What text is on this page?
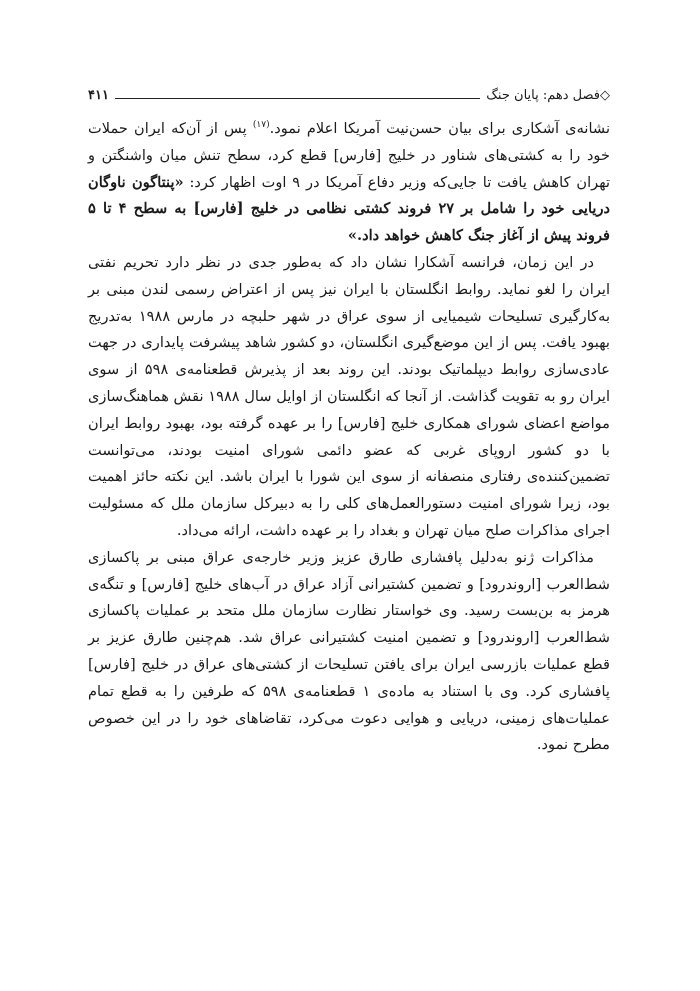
◇فصل دهم: پایان جنگ
۴۱۱

نشانه‌ی آشکاری برای بیان حسن‌نیت آمریکا اعلام نمود.$^{(۱۷)}$ پس از آن‌که ایران حملات خود را به کشتی‌های شناور در خلیج [فارس] قطع کرد، سطح تنش میان واشنگتن و تهران کاهش یافت تا جایی‌که وزیر دفاع آمریکا در ۹ اوت اظهار کرد: «پنتاگون ناوگان دریایی خود را شامل بر ۲۷ فروند کشتی نظامی در خلیج [فارس] به سطح ۴ تا ۵ فروند پیش از آغاز جنگ کاهش خواهد داد.»

در این زمان، فرانسه آشکارا نشان داد که به‌طور جدی در نظر دارد تحریم نفتی ایران را لغو نماید. روابط انگلستان با ایران نیز پس از اعتراض رسمی لندن مبنی بر به‌کارگیری تسلیحات شیمیایی از سوی عراق در شهر حلبچه در مارس ۱۹۸۸ به‌تدریج بهبود یافت. پس از این موضع‌گیری انگلستان، دو کشور شاهد پیشرفت پایداری در جهت عادی‌سازی روابط دیپلماتیک بودند. این روند بعد از پذیرش قطعنامه‌ی ۵۹۸ از سوی ایران رو به تقویت گذاشت. از آنجا که انگلستان از اوایل سال ۱۹۸۸ نقش هماهنگ‌سازی مواضع اعضای شورای همکاری خلیج [فارس] را بر عهده گرفته بود، بهبود روابط ایران با دو کشور اروپای غربی که عضو دائمی شورای امنیت بودند، می‌توانست تضمین‌کننده‌ی رفتاری منصفانه از سوی این شورا با ایران باشد. این نکته حائز اهمیت بود، زیرا شورای امنیت دستورالعمل‌های کلی را به دبیرکل سازمان ملل که مسئولیت اجرای مذاکرات صلح میان تهران و بغداد را بر عهده داشت، ارائه می‌داد.

مذاکرات ژنو به‌دلیل پافشاری طارق عزیز وزیر خارجه‌ی عراق مبنی بر پاکسازی شط‌العرب [اروندرود] و تضمین کشتیرانی آزاد عراق در آب‌های خلیج [فارس] و تنگه‌ی هرمز به بن‌بست رسید. وی خواستار نظارت سازمان ملل متحد بر عملیات پاکسازی شط‌العرب [اروندرود] و تضمین امنیت کشتیرانی عراق شد. هم‌چنین طارق عزیز بر قطع عملیات بازرسی ایران برای یافتن تسلیحات از کشتی‌های عراق در خلیج [فارس] پافشاری کرد. وی با استناد به ماده‌ی ۱ قطعنامه‌ی ۵۹۸ که طرفین را به قطع تمام عملیات‌های زمینی، دریایی و هوایی دعوت می‌کرد، تقاضاهای خود را در این خصوص مطرح نمود.
